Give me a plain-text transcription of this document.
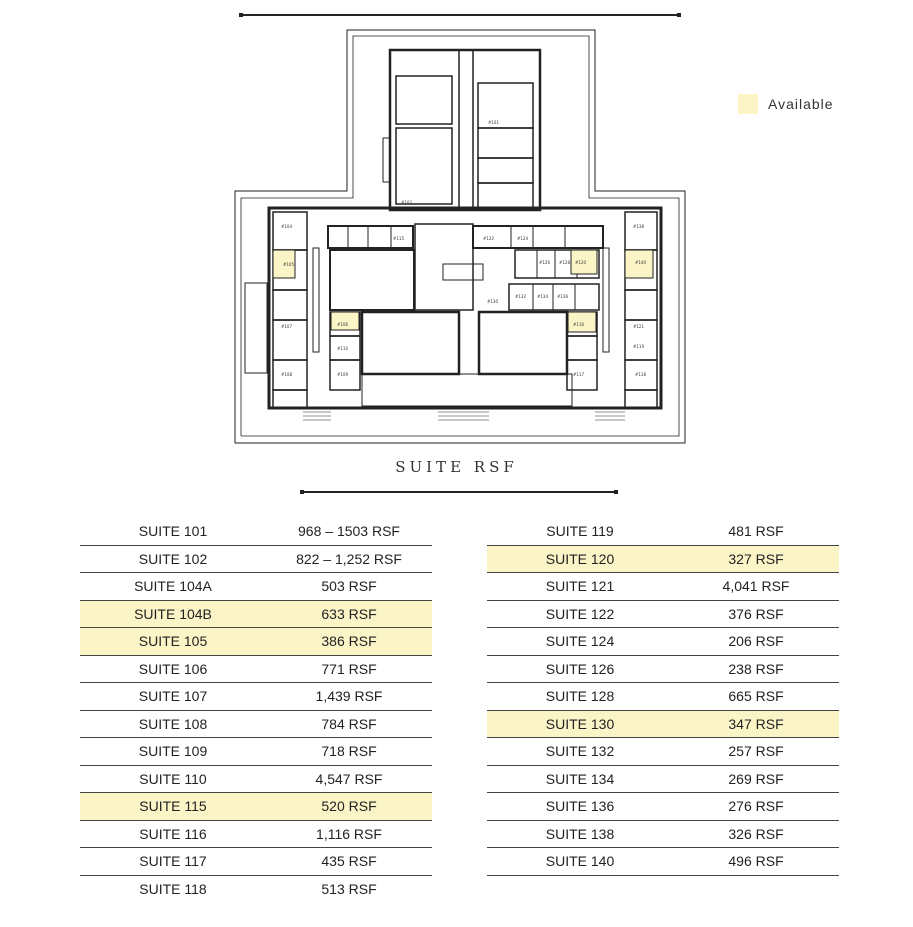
#101
#102
#104
#105
#106
#107
#108	#109
#110
#115
#116
#117	#118
#119
#120
#121
#122	#124
#126 #128
#130
#132	#134 #136
#138
#140
Available
SUITE RSF
SUITE 101	968 – 1503 RSF
SUITE 102	822 – 1,252 RSF
SUITE 104A	503 RSF
SUITE 104B	633 RSF
SUITE 105	386 RSF
SUITE 106	771 RSF
SUITE 107	1,439 RSF
SUITE 108	784 RSF
SUITE 109	718 RSF
SUITE 110	4,547 RSF
SUITE 115	520 RSF
SUITE 116	1,116 RSF
SUITE 117	435 RSF
SUITE 118	513 RSF
SUITE 119	481 RSF
SUITE 120	327 RSF
SUITE 121	4,041 RSF
SUITE 122	376 RSF
SUITE 124	206 RSF
SUITE 126	238 RSF
SUITE 128	665 RSF
SUITE 130	347 RSF
SUITE 132	257 RSF
SUITE 134	269 RSF
SUITE 136	276 RSF
SUITE 138	326 RSF
SUITE 140	496 RSF
